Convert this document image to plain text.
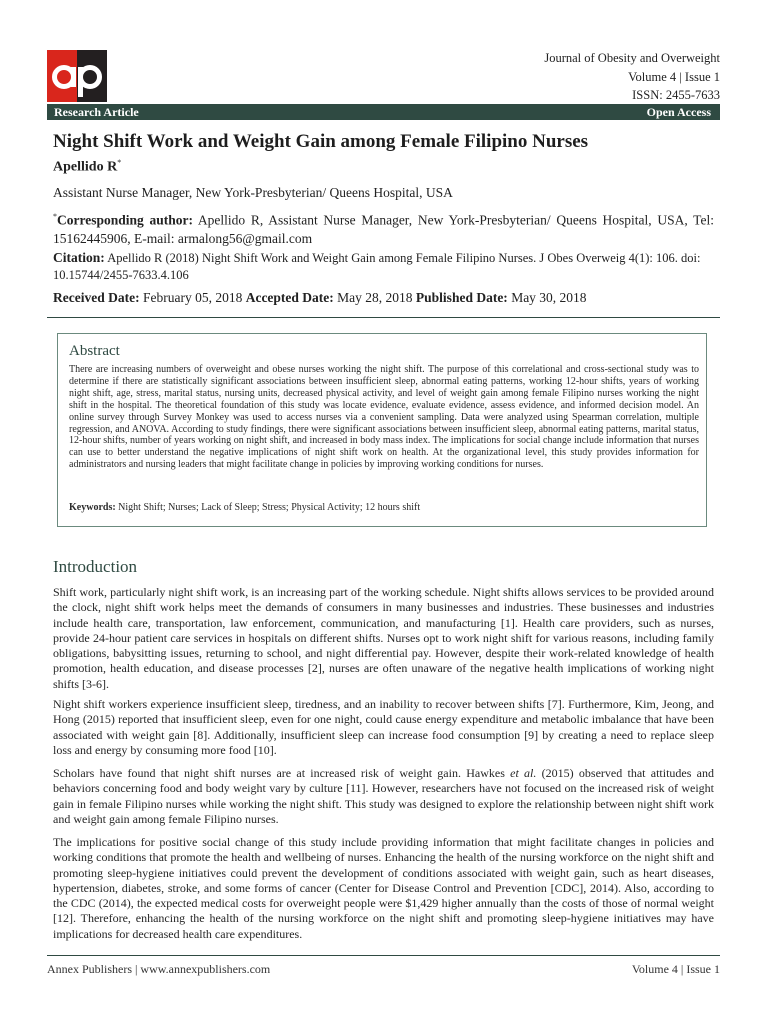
Journal of Obesity and Overweight
Volume 4 | Issue 1
ISSN: 2455-7633
Research Article	Open Access
Night Shift Work and Weight Gain among Female Filipino Nurses
Apellido R*
Assistant Nurse Manager, New York-Presbyterian/ Queens Hospital, USA
*Corresponding author: Apellido R, Assistant Nurse Manager, New York-Presbyterian/ Queens Hospital, USA, Tel: 15162445906, E-mail: armalong56@gmail.com
Citation: Apellido R (2018) Night Shift Work and Weight Gain among Female Filipino Nurses. J Obes Overweig 4(1): 106. doi: 10.15744/2455-7633.4.106
Received Date: February 05, 2018 Accepted Date: May 28, 2018 Published Date: May 30, 2018
Abstract
There are increasing numbers of overweight and obese nurses working the night shift. The purpose of this correlational and cross-sectional study was to determine if there are statistically significant associations between insufficient sleep, abnormal eating patterns, working 12-hour shifts, years of working night shift, age, stress, marital status, nursing units, decreased physical activity, and level of weight gain among female Filipino nurses working the night shift in the hospital. The theoretical foundation of this study was locate evidence, evaluate evidence, assess evidence, and informed decision model. An online survey through Survey Monkey was used to access nurses via a convenient sampling. Data were analyzed using Spearman correlation, multiple regression, and ANOVA. According to study findings, there were significant associations between insufficient sleep, abnormal eating patterns, marital status, 12-hour shifts, number of years working on night shift, and increased in body mass index. The implications for social change include information that nurses can use to better understand the negative implications of night shift work on health. At the organizational level, this study provides information for administrators and nursing leaders that might facilitate change in policies by improving working conditions for nurses.
Keywords: Night Shift; Nurses; Lack of Sleep; Stress; Physical Activity; 12 hours shift
Introduction

Shift work, particularly night shift work, is an increasing part of the working schedule. Night shifts allows services to be provided around the clock, night shift work helps meet the demands of consumers in many businesses and industries. These businesses and industries include health care, transportation, law enforcement, communication, and manufacturing [1]. Health care providers, such as nurses, provide 24-hour patient care services in hospitals on different shifts. Nurses opt to work night shift for various reasons, including family obligations, babysitting issues, returning to school, and night differential pay. However, despite their work-related knowledge of health promotion, health education, and disease processes [2], nurses are often unaware of the negative health implications of working night shifts [3-6].

Night shift workers experience insufficient sleep, tiredness, and an inability to recover between shifts [7]. Furthermore, Kim, Jeong, and Hong (2015) reported that insufficient sleep, even for one night, could cause energy expenditure and metabolic imbalance that have been associated with weight gain [8]. Additionally, insufficient sleep can increase food consumption [9] by creating a need to replace sleep loss and energy by consuming more food [10].

Scholars have found that night shift nurses are at increased risk of weight gain. Hawkes et al. (2015) observed that attitudes and behaviors concerning food and body weight vary by culture [11]. However, researchers have not focused on the increased risk of weight gain in female Filipino nurses while working the night shift. This study was designed to explore the relationship between night shift work and weight gain among female Filipino nurses.

The implications for positive social change of this study include providing information that might facilitate changes in policies and working conditions that promote the health and wellbeing of nurses. Enhancing the health of the nursing workforce on the night shift and promoting sleep-hygiene initiatives could prevent the development of conditions associated with weight gain, such as heart diseases, hypertension, diabetes, stroke, and some forms of cancer (Center for Disease Control and Prevention [CDC], 2014). Also, according to the CDC (2014), the expected medical costs for overweight people were $1,429 higher annually than the costs of those of normal weight [12]. Therefore, enhancing the health of the nursing workforce on the night shift and promoting sleep-hygiene initiatives may have implications for decreased health care expenditures.

Annex Publishers | www.annexpublishers.com	Volume 4 | Issue 1
